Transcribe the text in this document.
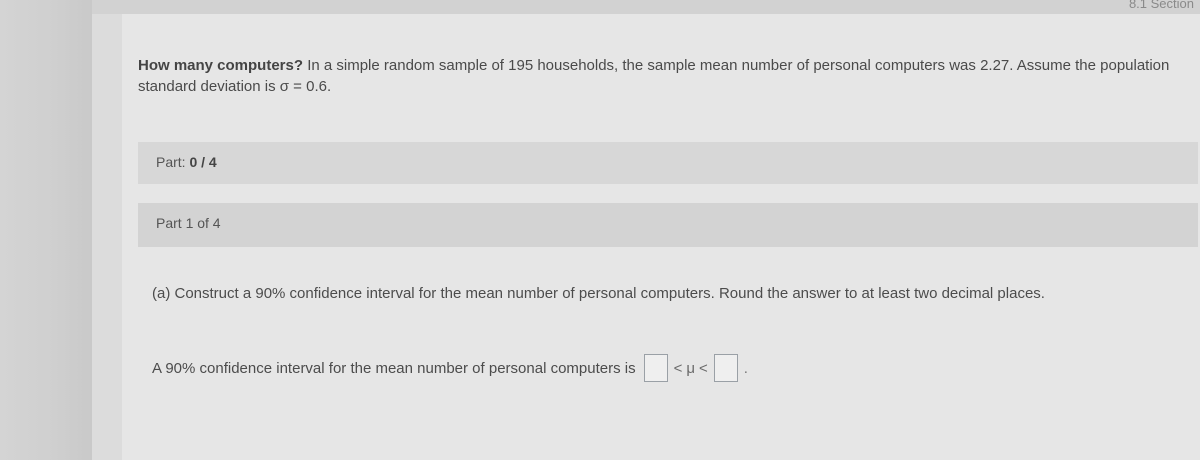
8.1 Section
How many computers? In a simple random sample of 195 households, the sample mean number of personal computers was 2.27. Assume the population standard deviation is σ = 0.6.
Part: 0 / 4
Part 1 of 4
(a) Construct a 90% confidence interval for the mean number of personal computers. Round the answer to at least two decimal places.
A 90% confidence interval for the mean number of personal computers is	< μ < .
